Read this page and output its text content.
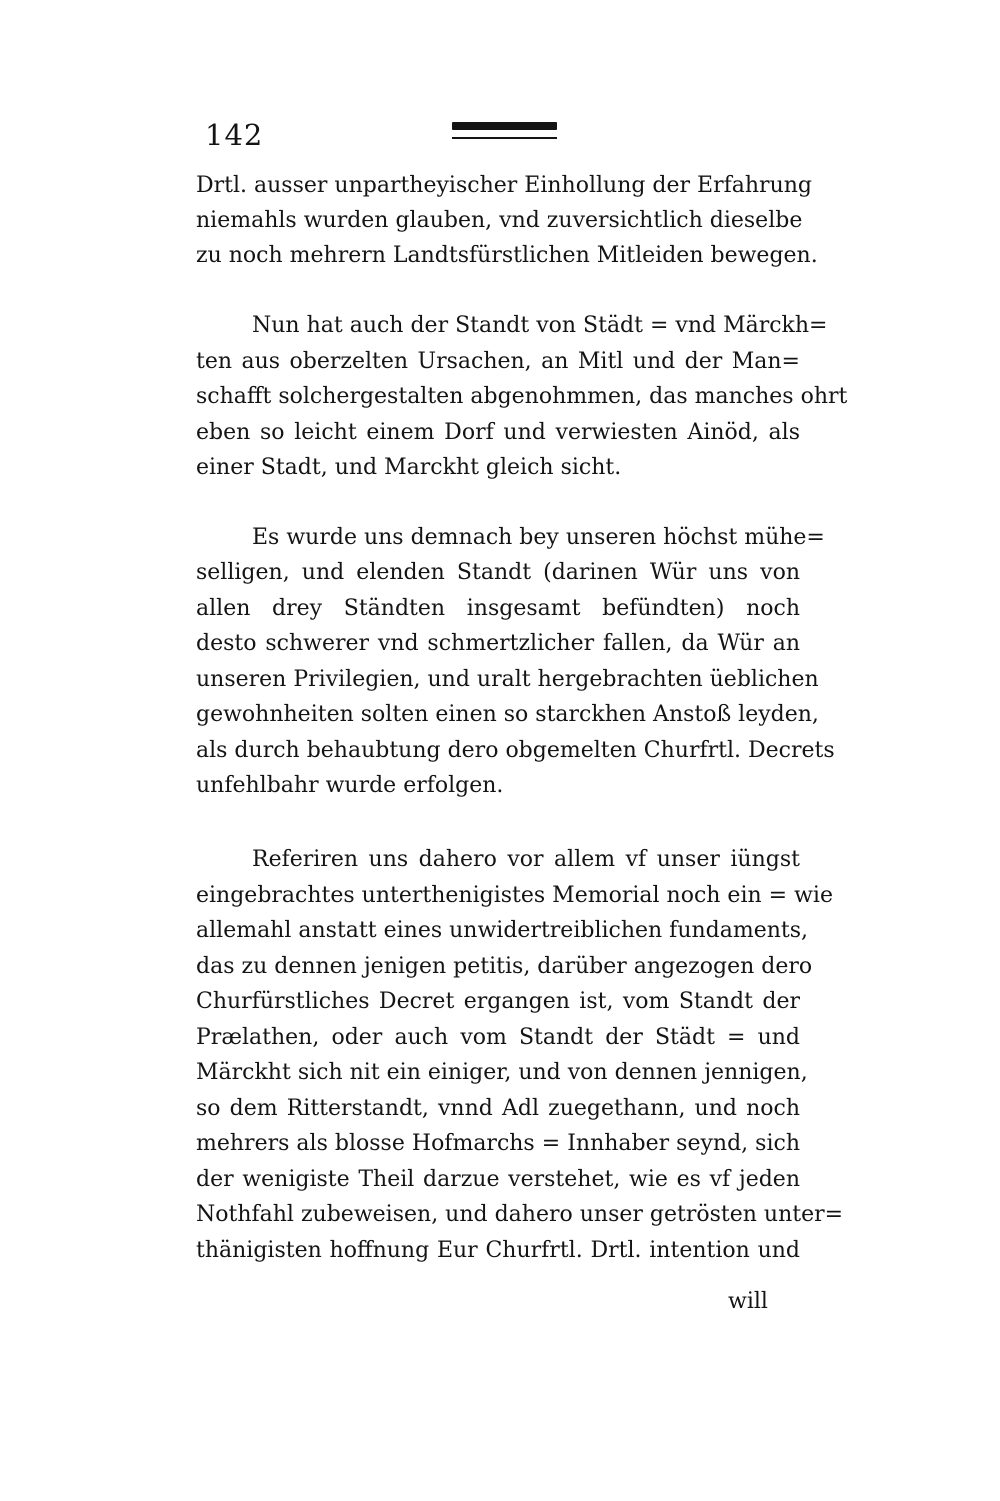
142
Drtl. ausser unpartheyischer Einhollung der Erfahrung
niemahls wurden glauben, vnd zuversichtlich dieselbe
zu noch mehrern Landtsfürstlichen Mitleiden bewegen.
Nun hat auch der Standt von Städt = vnd Märckh=
ten aus oberzelten Ursachen, an Mitl und der Man=
schafft solchergestalten abgenohmmen, das manches ohrt
eben so leicht einem Dorf und verwiesten Ainöd, als
einer Stadt, und Marckht gleich sicht.
Es wurde uns demnach bey unseren höchst mühe=
selligen, und elenden Standt (darinen Wür uns von
allen drey Ständten insgesamt befündten) noch
desto schwerer vnd schmertzlicher fallen, da Wür an
unseren Privilegien, und uralt hergebrachten üeblichen
gewohnheiten solten einen so starckhen Anstoß leyden,
als durch behaubtung dero obgemelten Churfrtl. Decrets
unfehlbahr wurde erfolgen.
Referiren uns dahero vor allem vf unser iüngst
eingebrachtes unterthenigistes Memorial noch ein = wie
allemahl anstatt eines unwidertreiblichen fundaments,
das zu dennen jenigen petitis, darüber angezogen dero
Churfürstliches Decret ergangen ist, vom Standt der
Prælathen, oder auch vom Standt der Städt = und
Märckht sich nit ein einiger, und von dennen jennigen,
so dem Ritterstandt, vnnd Adl zuegethann, und noch
mehrers als blosse Hofmarchs = Innhaber seynd, sich
der wenigiste Theil darzue verstehet, wie es vf jeden
Nothfahl zubeweisen, und dahero unser getrösten unter=
thänigisten hoffnung Eur Churfrtl. Drtl. intention und
will
